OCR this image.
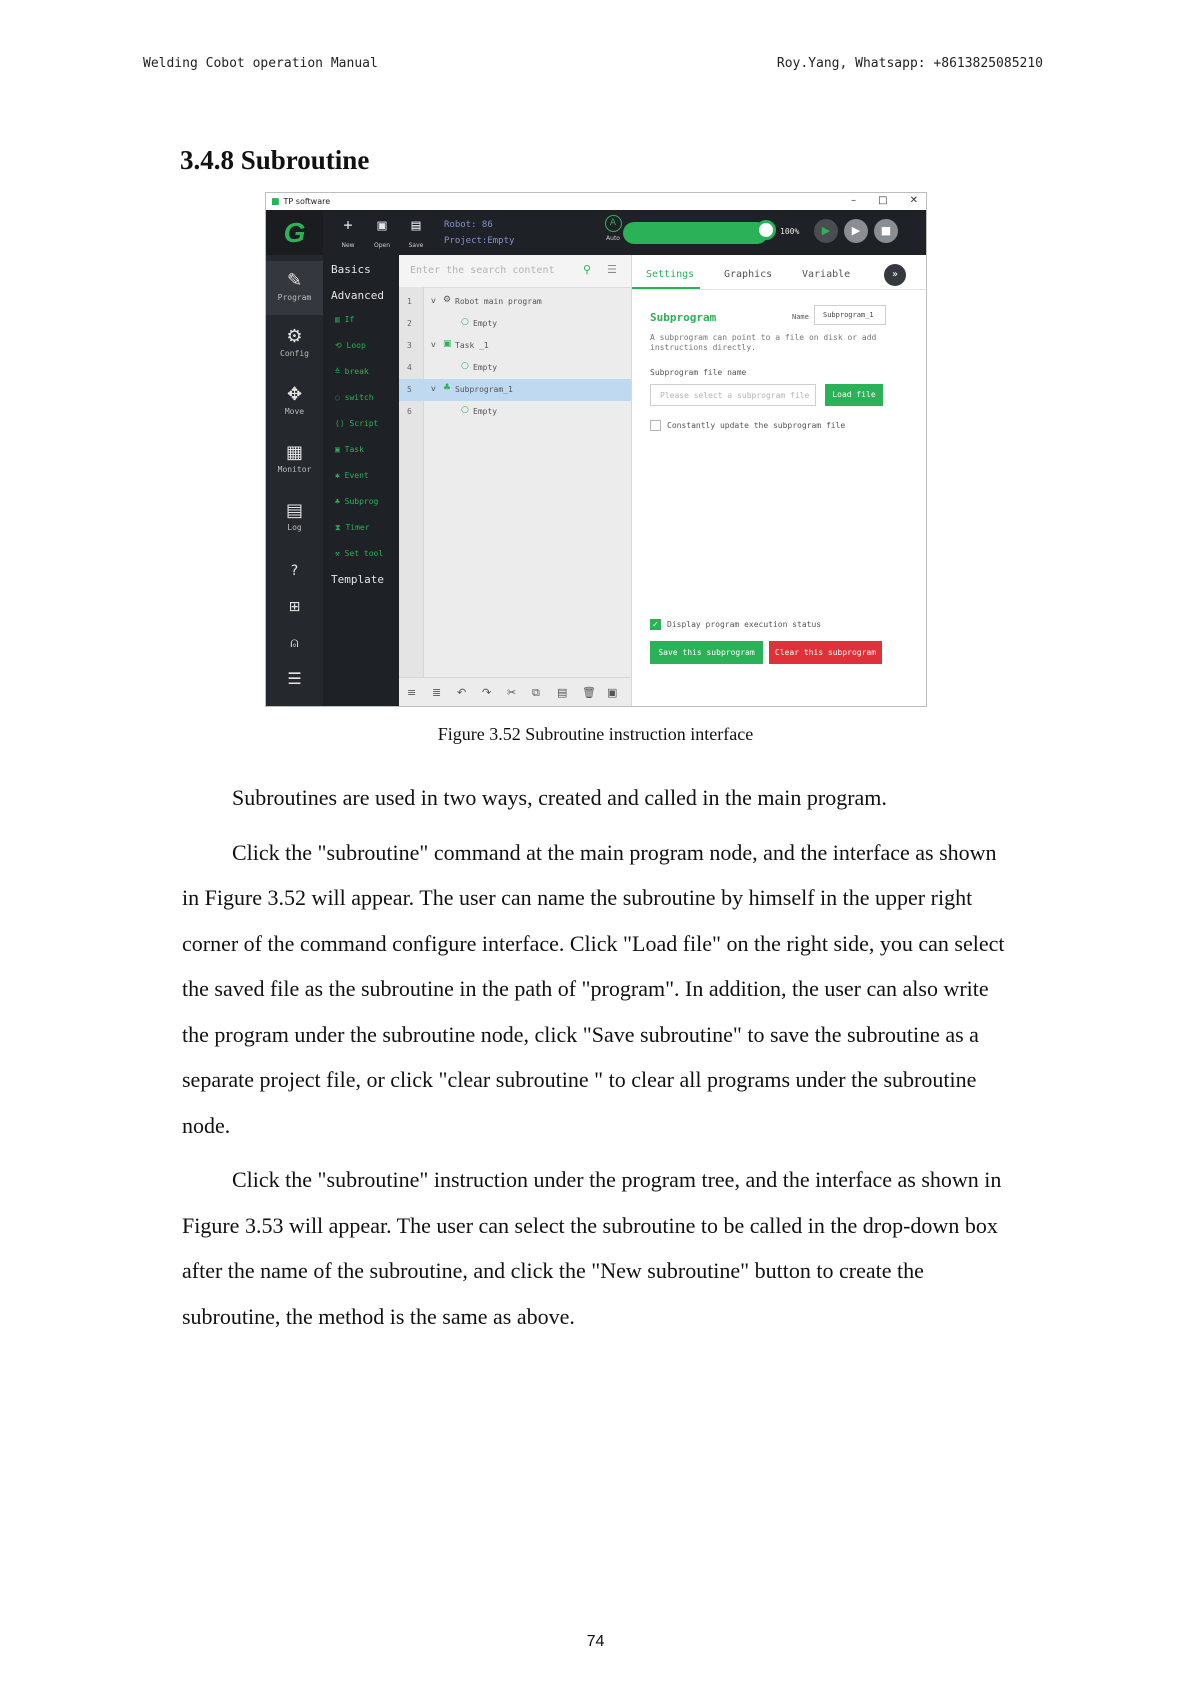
Welding Cobot operation Manual	Roy.Yang, Whatsapp: +8613825085210
3.4.8 Subroutine
■ TP software	– □ ✕
G	+
New
▣
Open
▤
Save
Robot: 86
Project:Empty
A
Auto
100%	▶	▶	■
✎
Program
⚙
Config
✥
Move
▦
Monitor
▤
Log
?
⊞
⍝
☰
Basics
Advanced
▥ If
⟲ Loop
≙ break
◌ switch
⟨⟩ Script
▣ Task
✱ Event
♣ Subprog
⧗ Timer
⚒ Set tool
Template
Enter the search content	⚲ ☰
1 v ⚙ Robot main program
2	○ Empty
3 v ▣ Task _1
4	○ Empty
5 v ♣ Subprogram_1
6	○ Empty
≡ ≣ ↶ ↷ ✂ ⧉ ▤ 🗑 ▣
Settings	Graphics	Variable	»
Subprogram	Name	Subprogram_1
A subprogram can point to a file on disk or add instructions directly.
Subprogram file name
Please select a subprogram file	Load file
Constantly update the subprogram file
✓ Display program execution status
Save this subprogram	Clear this subprogram
Figure 3.52 Subroutine instruction interface

Subroutines are used in two ways, created and called in the main program.

Click the "subroutine" command at the main program node, and the interface as shown in Figure 3.52 will appear. The user can name the subroutine by himself in the upper right corner of the command configure interface. Click "Load file" on the right side, you can select the saved file as the subroutine in the path of "program". In addition, the user can also write the program under the subroutine node, click "Save subroutine" to save the subroutine as a separate project file, or click "clear subroutine " to clear all programs under the subroutine node.

Click the "subroutine" instruction under the program tree, and the interface as shown in Figure 3.53 will appear. The user can select the subroutine to be called in the drop-down box after the name of the subroutine, and click the "New subroutine" button to create the subroutine, the method is the same as above.

74
